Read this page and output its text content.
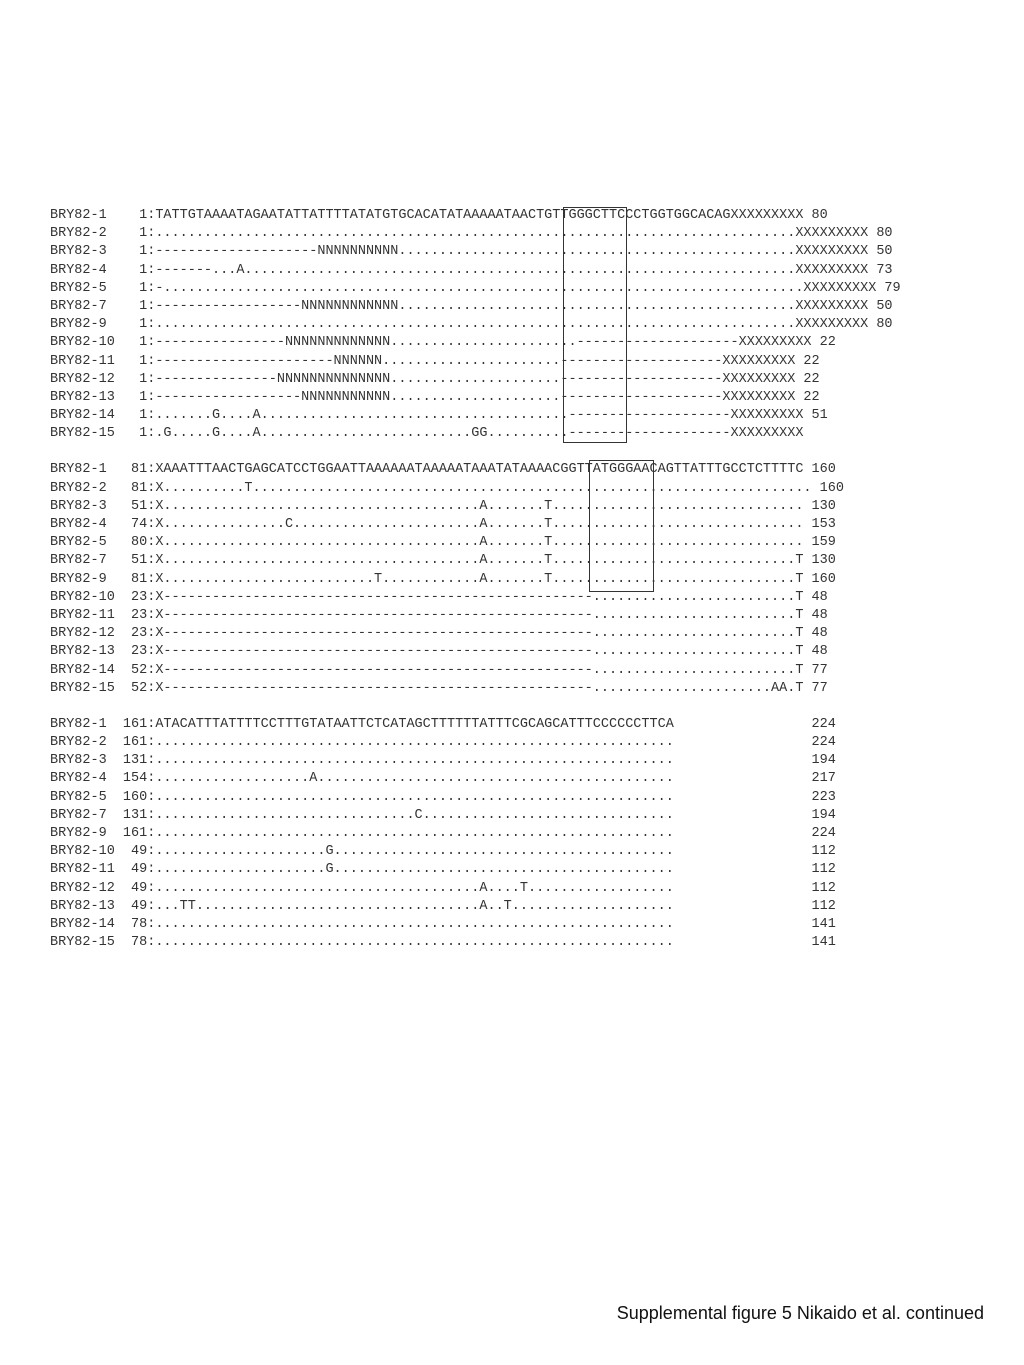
BRY82-1    1:TATTGTAAAATAGAATATTATTTTATATGTGCACATATAAAAATAACTGTTGGGCTTCCCTGGTGGCACAGXXXXXXXXX 80
BRY82-2    1:...............................................................................XXXXXXXXX 80
BRY82-3    1:--------------------NNNNNNNNNN.................................................XXXXXXXXX 50
BRY82-4    1:-------...A....................................................................XXXXXXXXX 73
BRY82-5    1:-...............................................................................XXXXXXXXX 79
BRY82-7    1:------------------NNNNNNNNNNNN.................................................XXXXXXXXX 50
BRY82-9    1:...............................................................................XXXXXXXXX 80
BRY82-10   1:----------------NNNNNNNNNNNNN.......................--------------------XXXXXXXXX 22
BRY82-11   1:----------------------NNNNNN......................--------------------XXXXXXXXX 22
BRY82-12   1:---------------NNNNNNNNNNNNNN.....................--------------------XXXXXXXXX 22
BRY82-13   1:------------------NNNNNNNNNNN.....................--------------------XXXXXXXXX 22
BRY82-14   1:.......G....A......................................--------------------XXXXXXXXX 51
BRY82-15   1:.G.....G....A..........................GG..........--------------------XXXXXXXXX
BRY82-1   81:XAAATTTAACTGAGCATCCTGGAATTAAAAAATAAAAATAAATATAAAACGGTTATGGGAACAGTTATTTGCCTCTTTTC 160
BRY82-2   81:X..........T..................................................................... 160
BRY82-3   51:X.......................................A.......T............................... 130
BRY82-4   74:X...............C.......................A.......T............................... 153
BRY82-5   80:X.......................................A.......T............................... 159
BRY82-7   51:X.......................................A.......T..............................T 130
BRY82-9   81:X..........................T............A.......T..............................T 160
BRY82-10  23:X-----------------------------------------------------.........................T 48
BRY82-11  23:X-----------------------------------------------------.........................T 48
BRY82-12  23:X-----------------------------------------------------.........................T 48
BRY82-13  23:X-----------------------------------------------------.........................T 48
BRY82-14  52:X-----------------------------------------------------.........................T 77
BRY82-15  52:X-----------------------------------------------------......................AA.T 77
BRY82-1  161:ATACATTTATTTTCCTTTGTATAATTCTCATAGCTTTTTTATTTCGCAGCATTTCCCCCCTTCA                 224
BRY82-2  161:................................................................                 224
BRY82-3  131:................................................................                 194
BRY82-4  154:...................A............................................                 217
BRY82-5  160:................................................................                 223
BRY82-7  131:................................C...............................                 194
BRY82-9  161:................................................................                 224
BRY82-10  49:.....................G..........................................                 112
BRY82-11  49:.....................G..........................................                 112
BRY82-12  49:........................................A....T..................                 112
BRY82-13  49:...TT...................................A..T....................                 112
BRY82-14  78:................................................................                 141
BRY82-15  78:................................................................                 141
Supplemental figure 5 Nikaido et al. continued
